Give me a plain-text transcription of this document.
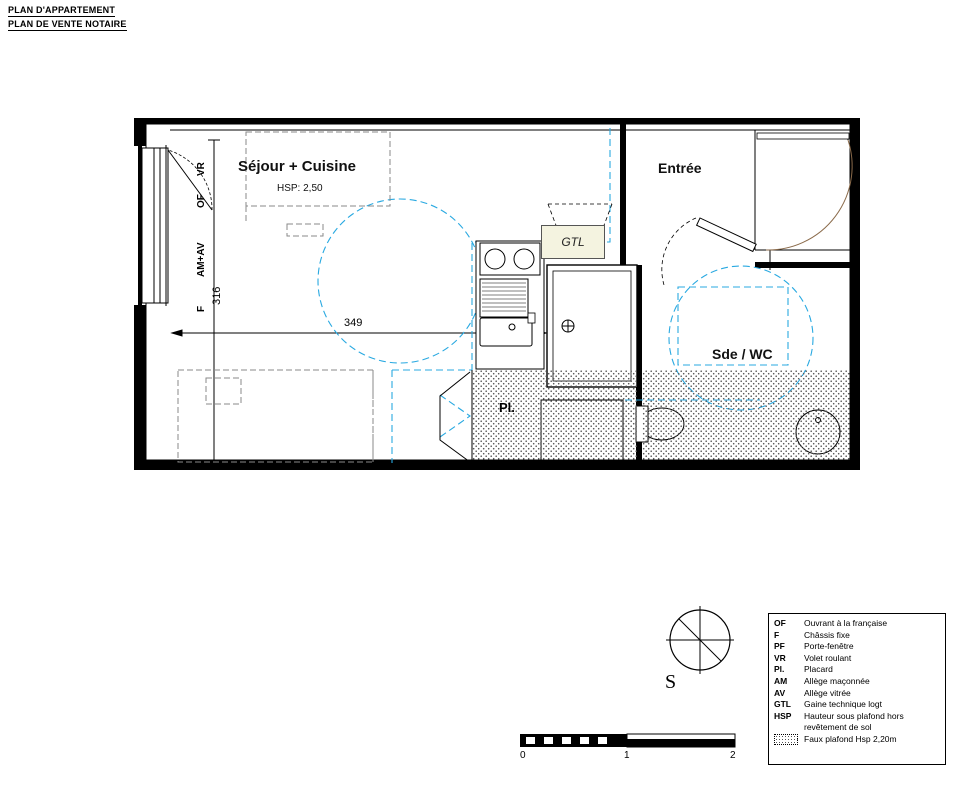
PLAN D'APPARTEMENT
PLAN DE VENTE NOTAIRE
Séjour + Cuisine
HSP: 2,50
Entrée
Sde / WC
Pl.
GTL
349
316
VR
OF
AM+AV
F
S
0	1	2
OF	Ouvrant à la française
F	Châssis fixe
PF	Porte-fenêtre
VR	Volet roulant
Pl.	Placard
AM	Allège maçonnée
AV	Allège vitrée
GTL	Gaine technique logt
HSP	Hauteur sous plafond hors revêtement de sol
	Faux plafond Hsp 2,20m
